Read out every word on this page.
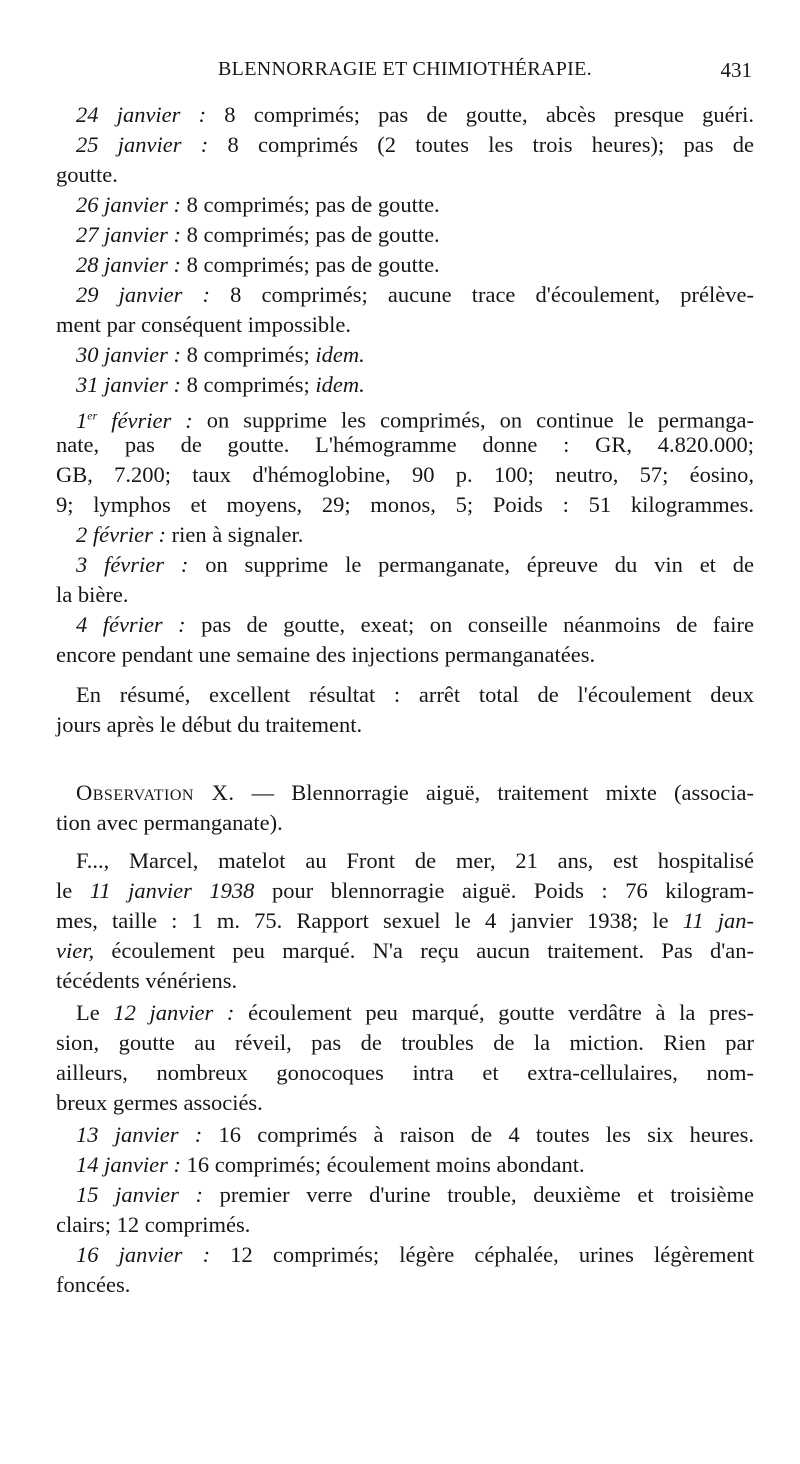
BLENNORRAGIE ET CHIMIOTHÉRAPIE.	431
24 janvier : 8 comprimés; pas de goutte, abcès presque guéri.
25 janvier : 8 comprimés (2 toutes les trois heures); pas de
goutte.
26 janvier : 8 comprimés; pas de goutte.
27 janvier : 8 comprimés; pas de goutte.
28 janvier : 8 comprimés; pas de goutte.
29 janvier : 8 comprimés; aucune trace d'écoulement, prélève-
ment par conséquent impossible.
30 janvier : 8 comprimés; idem.
31 janvier : 8 comprimés; idem.
1er février : on supprime les comprimés, on continue le permanga-
nate, pas de goutte. L'hémogramme donne : GR, 4.820.000;
GB, 7.200; taux d'hémoglobine, 90 p. 100; neutro, 57; éosino,
9; lymphos et moyens, 29; monos, 5; Poids : 51 kilogrammes.
2 février : rien à signaler.
3 février : on supprime le permanganate, épreuve du vin et de
la bière.
4 février : pas de goutte, exeat; on conseille néanmoins de faire
encore pendant une semaine des injections permanganatées.
En résumé, excellent résultat : arrêt total de l'écoulement deux
jours après le début du traitement.
Observation X. — Blennorragie aiguë, traitement mixte (associa-
tion avec permanganate).
F..., Marcel, matelot au Front de mer, 21 ans, est hospitalisé
le 11 janvier 1938 pour blennorragie aiguë. Poids : 76 kilogram-
mes, taille : 1 m. 75. Rapport sexuel le 4 janvier 1938; le 11 jan-
vier, écoulement peu marqué. N'a reçu aucun traitement. Pas d'an-
técédents vénériens.
Le 12 janvier : écoulement peu marqué, goutte verdâtre à la pres-
sion, goutte au réveil, pas de troubles de la miction. Rien par
ailleurs, nombreux gonocoques intra et extra-cellulaires, nom-
breux germes associés.
13 janvier : 16 comprimés à raison de 4 toutes les six heures.
14 janvier : 16 comprimés; écoulement moins abondant.
15 janvier : premier verre d'urine trouble, deuxième et troisième
clairs; 12 comprimés.
16 janvier : 12 comprimés; légère céphalée, urines légèrement
foncées.
